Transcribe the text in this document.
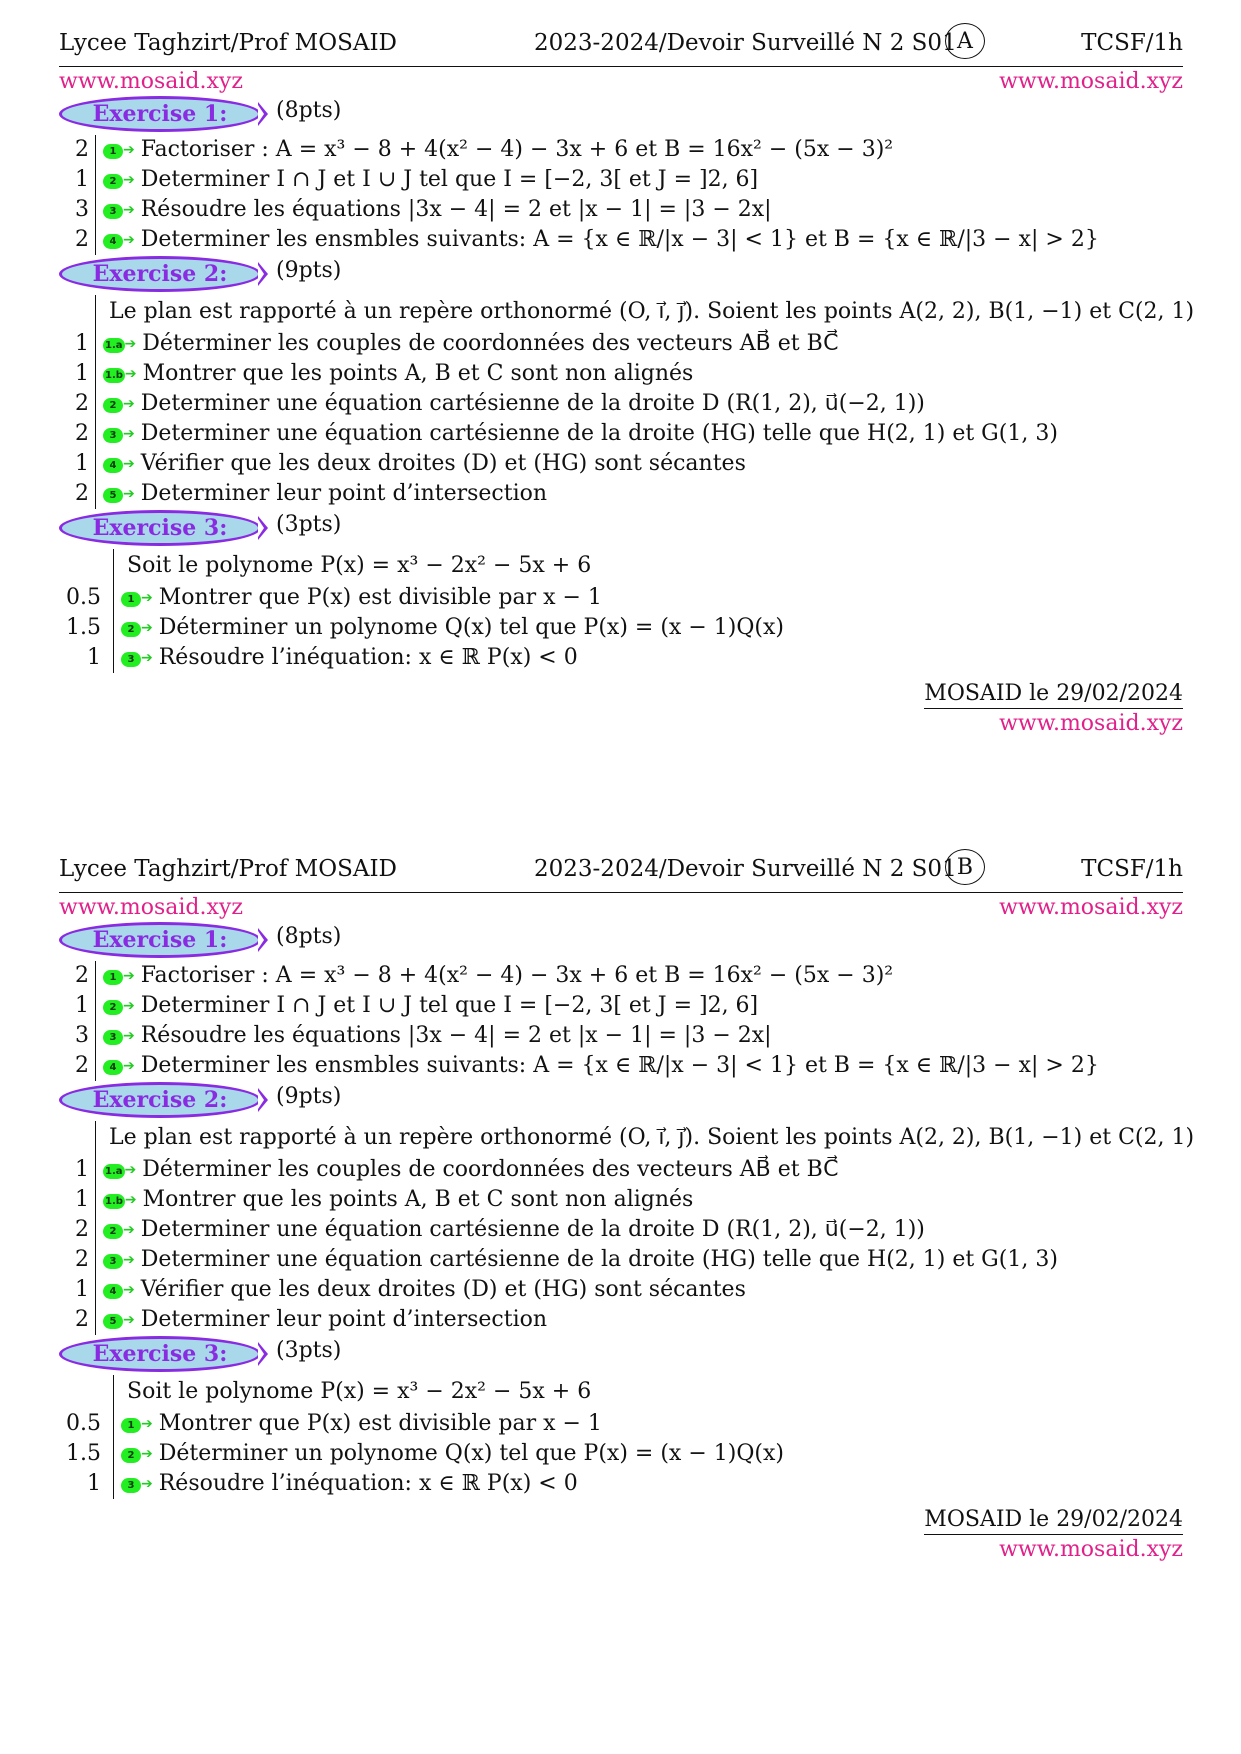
Lycee Taghzirt/Prof MOSAID	2023-2024/Devoir Surveillé N 2 S01 A	TCSF/1h
www.mosaid.xyz	www.mosaid.xyz
Exercise 1:	(8pts)
2	1 ➔ Factoriser : A = x³ − 8 + 4(x² − 4) − 3x + 6 et B = 16x² − (5x − 3)²
1	2 ➔ Determiner I ∩ J et I ∪ J tel que I = [−2, 3[ et J = ]2, 6]
3	3 ➔ Résoudre les équations |3x − 4| = 2 et |x − 1| = |3 − 2x|
2	4 ➔ Determiner les ensmbles suivants: A = {x ∈ ℝ/|x − 3| < 1} et B = {x ∈ ℝ/|3 − x| > 2}
Exercise 2:	(9pts)
Le plan est rapporté à un repère orthonormé (O, i⃗, j⃗). Soient les points A(2, 2), B(1, −1) et C(2, 1)
1 1.a ➔ Déterminer les couples de coordonnées des vecteurs AB⃗ et BC⃗
1 1.b ➔ Montrer que les points A, B et C sont non alignés
2	2 ➔ Determiner une équation cartésienne de la droite D (R(1, 2), u⃗(−2, 1))
2	3 ➔ Determiner une équation cartésienne de la droite (HG) telle que H(2, 1) et G(1, 3)
1	4 ➔ Vérifier que les deux droites (D) et (HG) sont sécantes
2	5 ➔ Determiner leur point d’intersection
Exercise 3:	(3pts)
Soit le polynome P(x) = x³ − 2x² − 5x + 6
0.5	1 ➔ Montrer que P(x) est divisible par x − 1
1.5	2 ➔ Déterminer un polynome Q(x) tel que P(x) = (x − 1)Q(x)
1	3 ➔ Résoudre l’inéquation: x ∈ ℝ P(x) < 0
MOSAID le 29/02/2024
www.mosaid.xyz
Lycee Taghzirt/Prof MOSAID	2023-2024/Devoir Surveillé N 2 S01 B	TCSF/1h
www.mosaid.xyz	www.mosaid.xyz
Exercise 1:	(8pts)
2	1 ➔ Factoriser : A = x³ − 8 + 4(x² − 4) − 3x + 6 et B = 16x² − (5x − 3)²
1	2 ➔ Determiner I ∩ J et I ∪ J tel que I = [−2, 3[ et J = ]2, 6]
3	3 ➔ Résoudre les équations |3x − 4| = 2 et |x − 1| = |3 − 2x|
2	4 ➔ Determiner les ensmbles suivants: A = {x ∈ ℝ/|x − 3| < 1} et B = {x ∈ ℝ/|3 − x| > 2}
Exercise 2:	(9pts)
Le plan est rapporté à un repère orthonormé (O, i⃗, j⃗). Soient les points A(2, 2), B(1, −1) et C(2, 1)
1 1.a ➔ Déterminer les couples de coordonnées des vecteurs AB⃗ et BC⃗
1 1.b ➔ Montrer que les points A, B et C sont non alignés
2	2 ➔ Determiner une équation cartésienne de la droite D (R(1, 2), u⃗(−2, 1))
2	3 ➔ Determiner une équation cartésienne de la droite (HG) telle que H(2, 1) et G(1, 3)
1	4 ➔ Vérifier que les deux droites (D) et (HG) sont sécantes
2	5 ➔ Determiner leur point d’intersection
Exercise 3:	(3pts)
Soit le polynome P(x) = x³ − 2x² − 5x + 6
0.5	1 ➔ Montrer que P(x) est divisible par x − 1
1.5	2 ➔ Déterminer un polynome Q(x) tel que P(x) = (x − 1)Q(x)
1	3 ➔ Résoudre l’inéquation: x ∈ ℝ P(x) < 0
MOSAID le 29/02/2024
www.mosaid.xyz
